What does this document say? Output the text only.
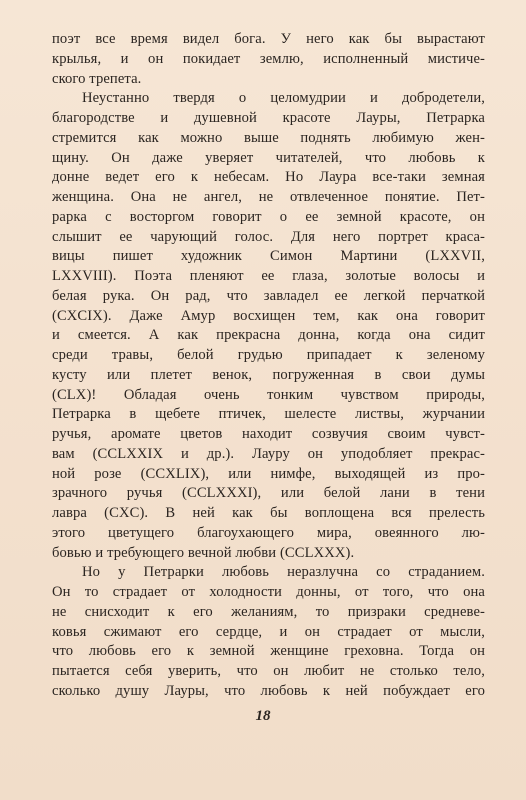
поэт все время видел бога. У него как бы вырастают
крылья, и он покидает землю, исполненный мистиче-
ского трепета.
Неустанно твердя о целомудрии и добродетели,
благородстве и душевной красоте Лауры, Петрарка
стремится как можно выше поднять любимую жен-
щину. Он даже уверяет читателей, что любовь к
донне ведет его к небесам. Но Лаура все-таки земная
женщина. Она не ангел, не отвлеченное понятие. Пет-
рарка с восторгом говорит о ее земной красоте, он
слышит ее чарующий голос. Для него портрет краса-
вицы пишет художник Симон Мартини (LXXVII,
LXXVIII). Поэта пленяют ее глаза, золотые волосы и
белая рука. Он рад, что завладел ее легкой перчаткой
(CXCIX). Даже Амур восхищен тем, как она говорит
и смеется. А как прекрасна донна, когда она сидит
среди травы, белой грудью припадает к зеленому
кусту или плетет венок, погруженная в свои думы
(CLX)! Обладая очень тонким чувством природы,
Петрарка в щебете птичек, шелесте листвы, журчании
ручья, аромате цветов находит созвучия своим чувст-
вам (CCLXXIX и др.). Лауру он уподобляет прекрас-
ной розе (CCXLIX), или нимфе, выходящей из про-
зрачного ручья (CCLXXXI), или белой лани в тени
лавра (CXC). В ней как бы воплощена вся прелесть
этого цветущего благоухающего мира, овеянного лю-
бовью и требующего вечной любви (CCLXXX).
Но у Петрарки любовь неразлучна со страданием.
Он то страдает от холодности донны, от того, что она
не снисходит к его желаниям, то призраки средневе-
ковья сжимают его сердце, и он страдает от мысли,
что любовь его к земной женщине греховна. Тогда он
пытается себя уверить, что он любит не столько тело,
сколько душу Лауры, что любовь к ней побуждает его
18
